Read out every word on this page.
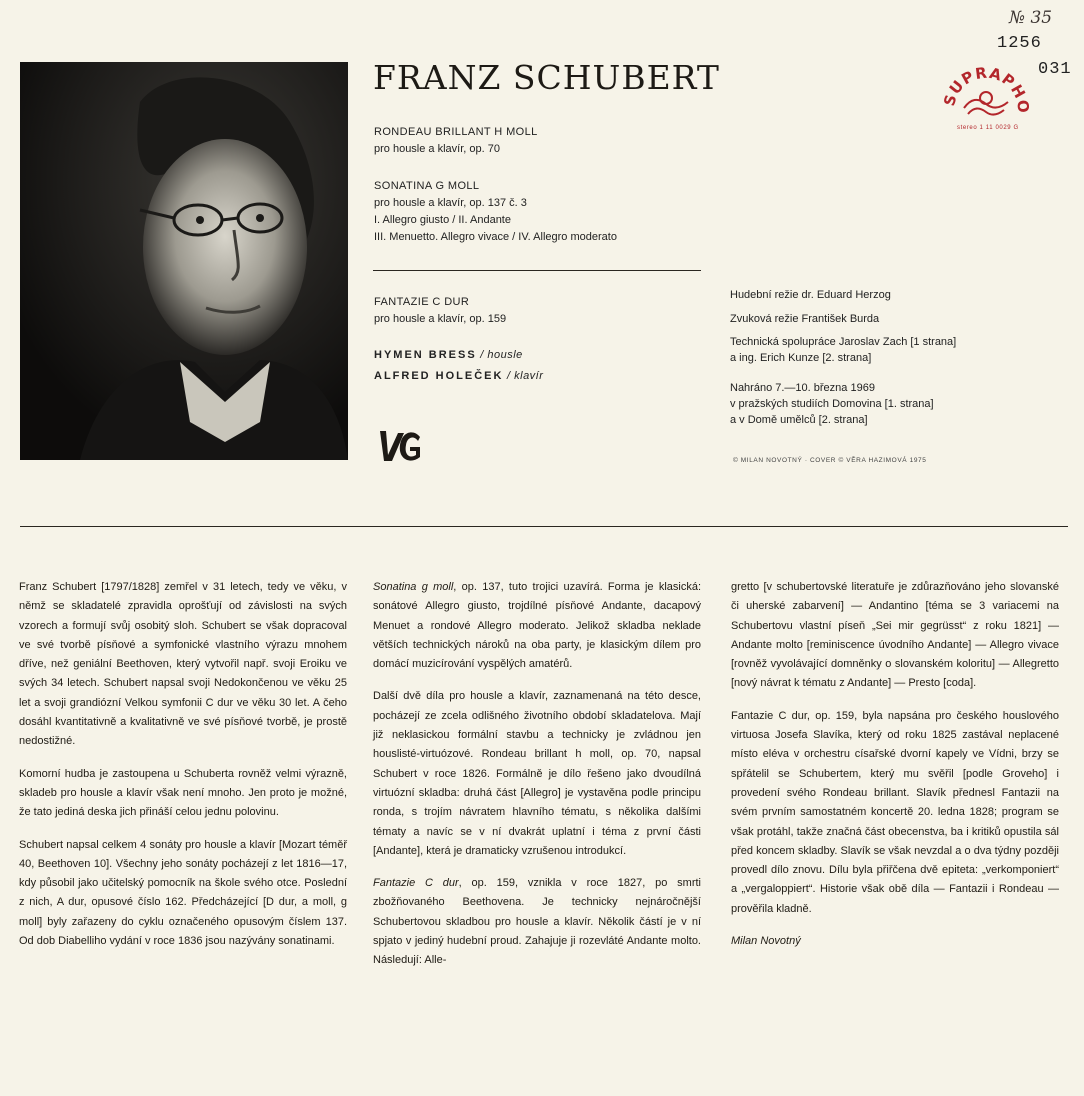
№ 35
1256
031
SUPRAPH
stereo 1 11 0029 G
FRANZ SCHUBERT
RONDEAU BRILLANT H MOLL
pro housle a klavír, op. 70
SONATINA G MOLL
pro housle a klavír, op. 137 č. 3
I. Allegro giusto / II. Andante
III. Menuetto. Allegro vivace / IV. Allegro moderato
FANTAZIE C DUR
pro housle a klavír, op. 159
HYMEN BRESS / housle
ALFRED HOLEČEK / klavír
Hudební režie dr. Eduard Herzog
Zvuková režie František Burda
Technická spolupráce Jaroslav Zach [1 strana]
a ing. Erich Kunze [2. strana]
Nahráno 7.—10. března 1969
v pražských studiích Domovina [1. strana]
a v Domě umělců [2. strana]
© MILAN NOVOTNÝ · COVER © VĚRA HAZIMOVÁ 1975

Franz Schubert [1797/1828] zemřel v 31 letech, tedy ve věku, v němž se skladatelé zpravidla oprošťují od závislosti na svých vzorech a formují svůj osobitý sloh. Schubert se však dopracoval ve své tvorbě písňové a symfonické vlastního výrazu mnohem dříve, než geniální Beethoven, který vytvořil např. svoji Eroiku ve svých 34 letech. Schubert napsal svoji Nedokončenou ve věku 25 let a svoji grandiózní Velkou symfonii C dur ve věku 30 let. A čeho dosáhl kvantitativně a kvalitativně ve své písňové tvorbě, je prostě nedostižné.

Komorní hudba je zastoupena u Schuberta rovněž velmi výrazně, skladeb pro housle a klavír však není mnoho. Jen proto je možné, že tato jediná deska jich přináší celou jednu polovinu.

Schubert napsal celkem 4 sonáty pro housle a klavír [Mozart téměř 40, Beethoven 10]. Všechny jeho sonáty pocházejí z let 1816—17, kdy působil jako učitelský pomocník na škole svého otce. Poslední z nich, A dur, opusové číslo 162. Předcházející [D dur, a moll, g moll] byly zařazeny do cyklu označeného opusovým číslem 137. Od dob Diabelliho vydání v roce 1836 jsou nazývány sonatinami.

Sonatina g moll, op. 137, tuto trojici uzavírá. Forma je klasická: sonátové Allegro giusto, trojdílné písňové Andante, dacapový Menuet a rondové Allegro moderato. Jelikož skladba neklade větších technických nároků na oba party, je klasickým dílem pro domácí muzicírování vyspělých amatérů.

Další dvě díla pro housle a klavír, zaznamenaná na této desce, pocházejí ze zcela odlišného životního období skladatelova. Mají již neklasickou formální stavbu a technicky je zvládnou jen houslisté-virtuózové. Rondeau brillant h moll, op. 70, napsal Schubert v roce 1826. Formálně je dílo řešeno jako dvoudílná virtuózní skladba: druhá část [Allegro] je vystavěna podle principu ronda, s trojím návratem hlavního tématu, s několika dalšími tématy a navíc se v ní dvakrát uplatní i téma z první části [Andante], která je dramaticky vzrušenou introdukcí.

Fantazie C dur, op. 159, vznikla v roce 1827, po smrti zbožňovaného Beethovena. Je technicky nejnáročnější Schubertovou skladbou pro housle a klavír. Několik částí je v ní spjato v jediný hudební proud. Zahajuje ji rozevláté Andante molto. Následují: Alle-

gretto [v schubertovské literatuře je zdůrazňováno jeho slovanské či uherské zabarvení] — Andantino [téma se 3 variacemi na Schubertovu vlastní píseň „Sei mir gegrüsst“ z roku 1821] — Andante molto [reminiscence úvodního Andante] — Allegro vivace [rovněž vyvolávající domněnky o slovanském koloritu] — Allegretto [nový návrat k tématu z Andante] — Presto [coda].

Fantazie C dur, op. 159, byla napsána pro českého houslového virtuosa Josefa Slavíka, který od roku 1825 zastával neplacené místo eléva v orchestru císařské dvorní kapely ve Vídni, brzy se spřátelil se Schubertem, který mu svěřil [podle Groveho] i provedení svého Rondeau brillant. Slavík přednesl Fantazii na svém prvním samostatném koncertě 20. ledna 1828; program se však protáhl, takže značná část obecenstva, ba i kritiků opustila sál před koncem skladby. Slavík se však nevzdal a o dva týdny později provedl dílo znovu. Dílu byla přiřčena dvě epiteta: „verkomponiert“ a „vergaloppiert“. Historie však obě díla — Fantazii i Rondeau — prověřila kladně.

Milan Novotný
